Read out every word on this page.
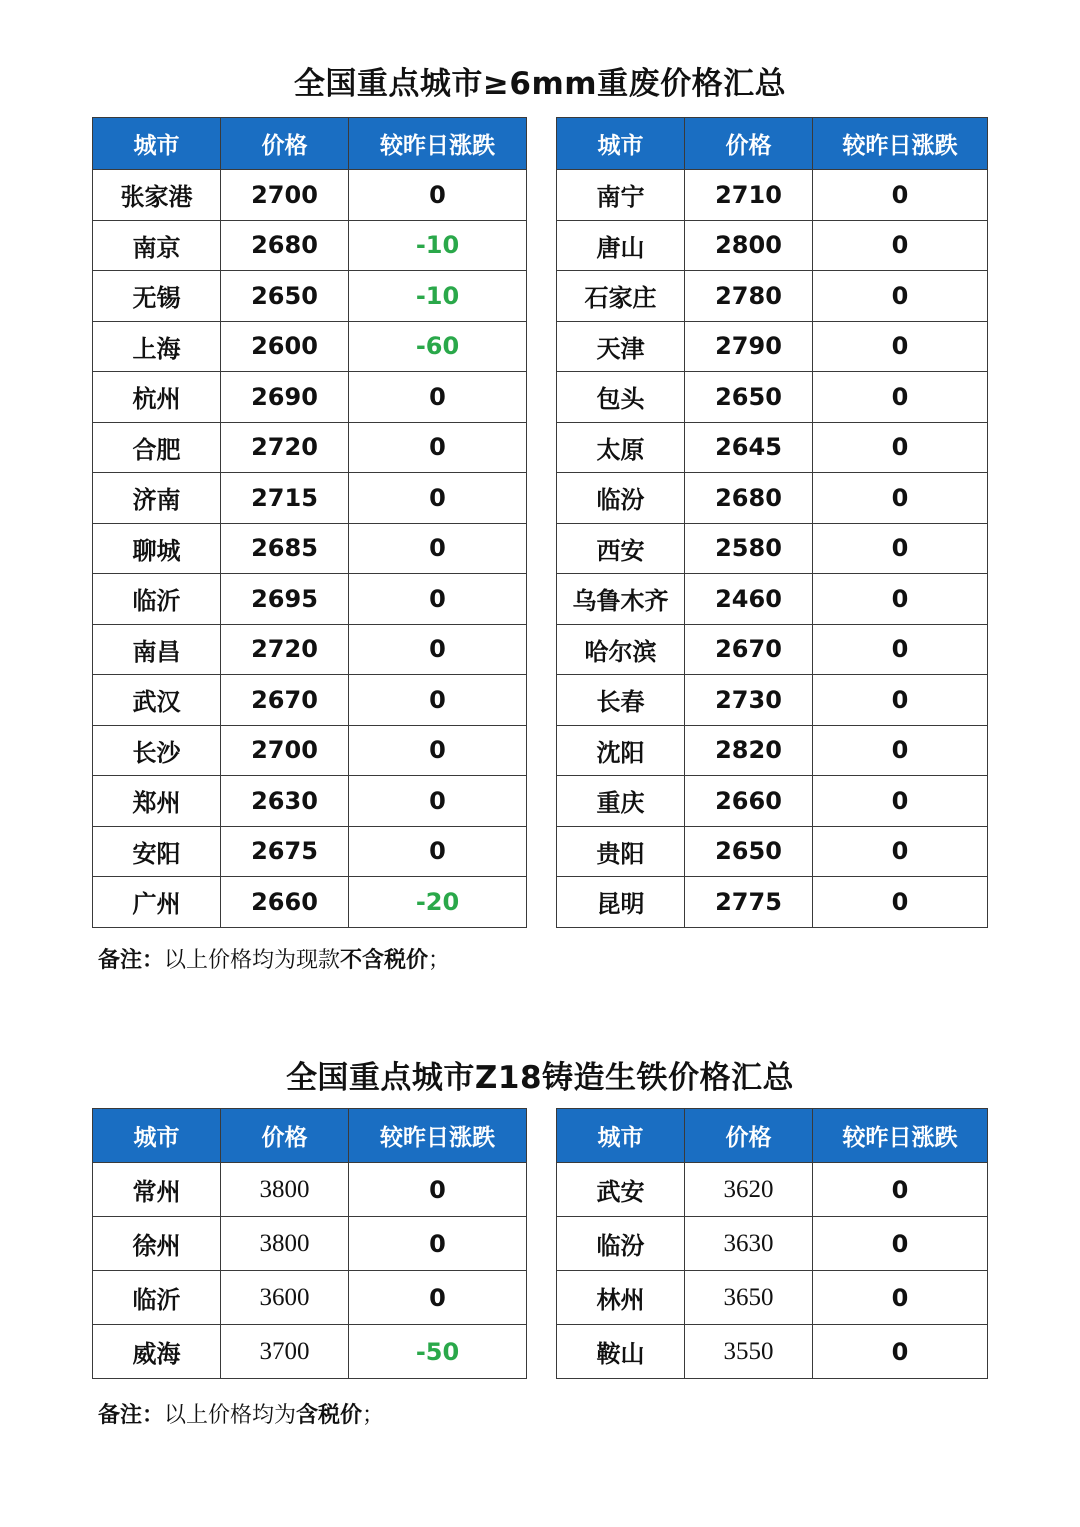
全国重点城市≥6mm重废价格汇总
城市	价格	较昨日涨跌
张家港	2700	0
南京	2680	-10
无锡	2650	-10
上海	2600	-60
杭州	2690	0
合肥	2720	0
济南	2715	0
聊城	2685	0
临沂	2695	0
南昌	2720	0
武汉	2670	0
长沙	2700	0
郑州	2630	0
安阳	2675	0
广州	2660	-20
城市	价格	较昨日涨跌
南宁	2710	0
唐山	2800	0
石家庄	2780	0
天津	2790	0
包头	2650	0
太原	2645	0
临汾	2680	0
西安	2580	0
乌鲁木齐	2460	0
哈尔滨	2670	0
长春	2730	0
沈阳	2820	0
重庆	2660	0
贵阳	2650	0
昆明	2775	0
备注：以上价格均为现款不含税价；
全国重点城市Z18铸造生铁价格汇总
城市	价格	较昨日涨跌
常州	3800	0
徐州	3800	0
临沂	3600	0
威海	3700	-50
城市	价格	较昨日涨跌
武安	3620	0
临汾	3630	0
林州	3650	0
鞍山	3550	0
备注：以上价格均为含税价；
